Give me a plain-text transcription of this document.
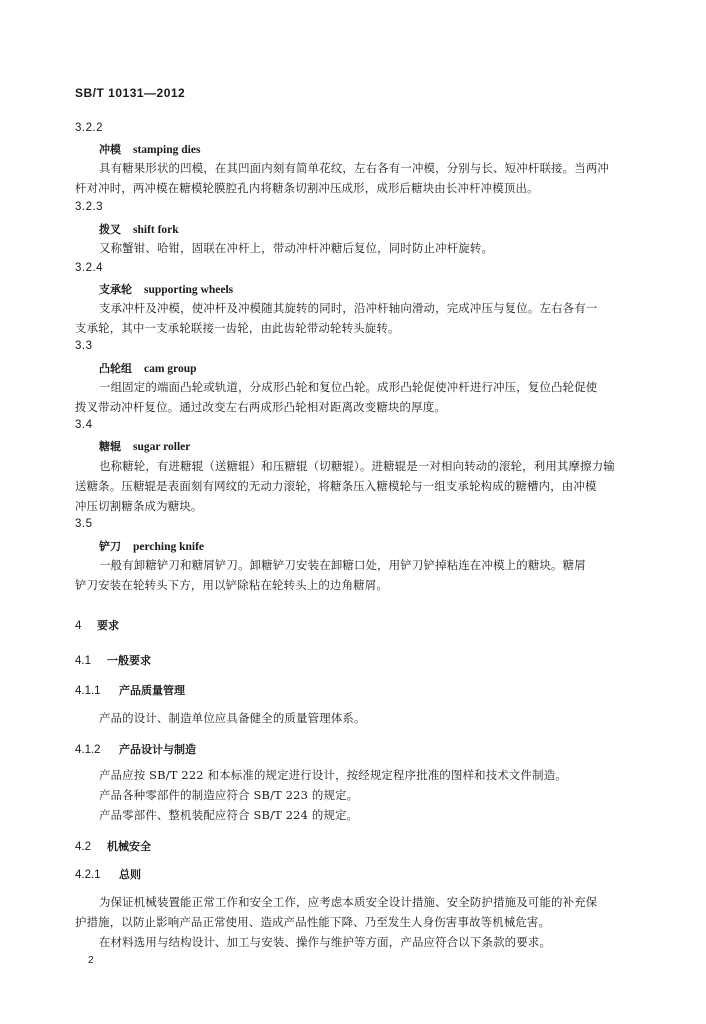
SB/T 10131—2012
3.2.2
冲模 stamping dies
具有糖果形状的凹模，在其凹面内刻有简单花纹，左右各有一冲模，分别与长、短冲杆联接。当两冲
杆对冲时，两冲模在糖模轮膜腔孔内将糖条切割冲压成形，成形后糖块由长冲杆冲模顶出。
3.2.3
拨叉 shift fork
又称蟹钳、哈钳，固联在冲杆上，带动冲杆冲糖后复位，同时防止冲杆旋转。
3.2.4
支承轮 supporting wheels
支承冲杆及冲模，使冲杆及冲模随其旋转的同时，沿冲杆轴向滑动，完成冲压与复位。左右各有一
支承轮，其中一支承轮联接一齿轮，由此齿轮带动轮转头旋转。
3.3
凸轮组 cam group
一组固定的端面凸轮或轨道，分成形凸轮和复位凸轮。成形凸轮促使冲杆进行冲压，复位凸轮促使
拨叉带动冲杆复位。通过改变左右两成形凸轮相对距离改变糖块的厚度。
3.4
糖辊 sugar roller
也称糖轮，有进糖辊（送糖辊）和压糖辊（切糖辊）。进糖辊是一对相向转动的滚轮，利用其摩擦力输
送糖条。压糖辊是表面刻有网纹的无动力滚轮，将糖条压入糖模轮与一组支承轮构成的糖槽内，由冲模
冲压切割糖条成为糖块。
3.5
铲刀 perching knife
一般有卸糖铲刀和糖屑铲刀。卸糖铲刀安装在卸糖口处，用铲刀铲掉粘连在冲模上的糖块。糖屑
铲刀安装在轮转头下方，用以铲除粘在轮转头上的边角糖屑。
4 要求
4.1 一般要求
4.1.1 产品质量管理
产品的设计、制造单位应具备健全的质量管理体系。
4.1.2 产品设计与制造
产品应按 SB/T 222 和本标准的规定进行设计，按经规定程序批准的图样和技术文件制造。
产品各种零部件的制造应符合 SB/T 223 的规定。
产品零部件、整机装配应符合 SB/T 224 的规定。
4.2 机械安全
4.2.1 总则
为保证机械装置能正常工作和安全工作，应考虑本质安全设计措施、安全防护措施及可能的补充保
护措施，以防止影响产品正常使用、造成产品性能下降、乃至发生人身伤害事故等机械危害。
在材料选用与结构设计、加工与安装、操作与维护等方面，产品应符合以下条款的要求。
2
